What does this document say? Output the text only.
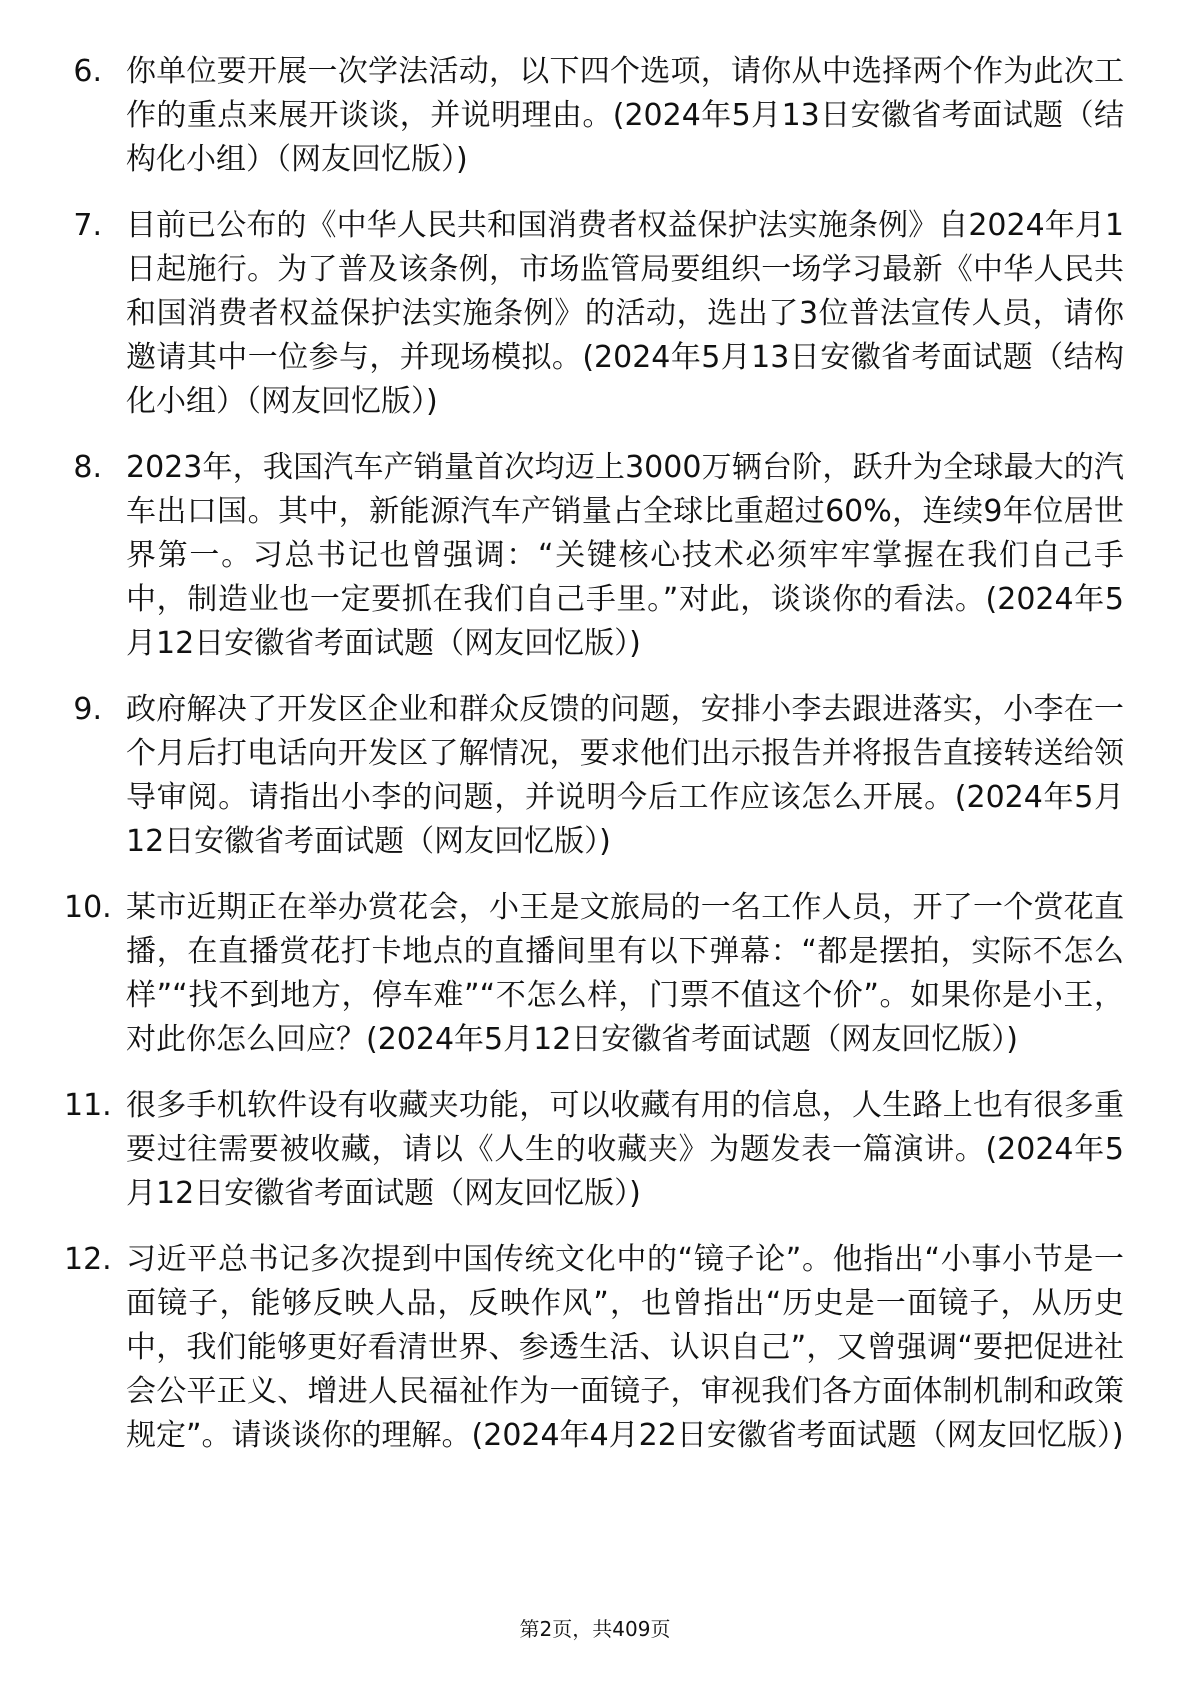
6. 你单位要开展一次学法活动，以下四个选项，请你从中选择两个作为此次工作的重点来展开谈谈，并说明理由。(2024年5月13日安徽省考面试题（结构化小组）（网友回忆版）)
7. 目前已公布的《中华人民共和国消费者权益保护法实施条例》自2024年月1日起施行。为了普及该条例，市场监管局要组织一场学习最新《中华人民共和国消费者权益保护法实施条例》的活动，选出了3位普法宣传人员，请你邀请其中一位参与，并现场模拟。(2024年5月13日安徽省考面试题（结构化小组）（网友回忆版）)
8. 2023年，我国汽车产销量首次均迈上3000万辆台阶，跃升为全球最大的汽车出口国。其中，新能源汽车产销量占全球比重超过60%，连续9年位居世界第一。习总书记也曾强调：“关键核心技术必须牢牢掌握在我们自己手中，制造业也一定要抓在我们自己手里。”对此，谈谈你的看法。(2024年5月12日安徽省考面试题（网友回忆版）)
9. 政府解决了开发区企业和群众反馈的问题，安排小李去跟进落实，小李在一个月后打电话向开发区了解情况，要求他们出示报告并将报告直接转送给领导审阅。请指出小李的问题，并说明今后工作应该怎么开展。(2024年5月12日安徽省考面试题（网友回忆版）)
10. 某市近期正在举办赏花会，小王是文旅局的一名工作人员，开了一个赏花直播，在直播赏花打卡地点的直播间里有以下弹幕：“都是摆拍，实际不怎么样”“找不到地方，停车难”“不怎么样，门票不值这个价”。如果你是小王，对此你怎么回应？(2024年5月12日安徽省考面试题（网友回忆版）)
11. 很多手机软件设有收藏夹功能，可以收藏有用的信息，人生路上也有很多重要过往需要被收藏，请以《人生的收藏夹》为题发表一篇演讲。(2024年5月12日安徽省考面试题（网友回忆版）)
12. 习近平总书记多次提到中国传统文化中的“镜子论”。他指出“小事小节是一面镜子，能够反映人品，反映作风”，也曾指出“历史是一面镜子，从历史中，我们能够更好看清世界、参透生活、认识自己”，又曾强调“要把促进社会公平正义、增进人民福祉作为一面镜子，审视我们各方面体制机制和政策规定”。请谈谈你的理解。(2024年4月22日安徽省考面试题（网友回忆版）)
第2页，共409页
